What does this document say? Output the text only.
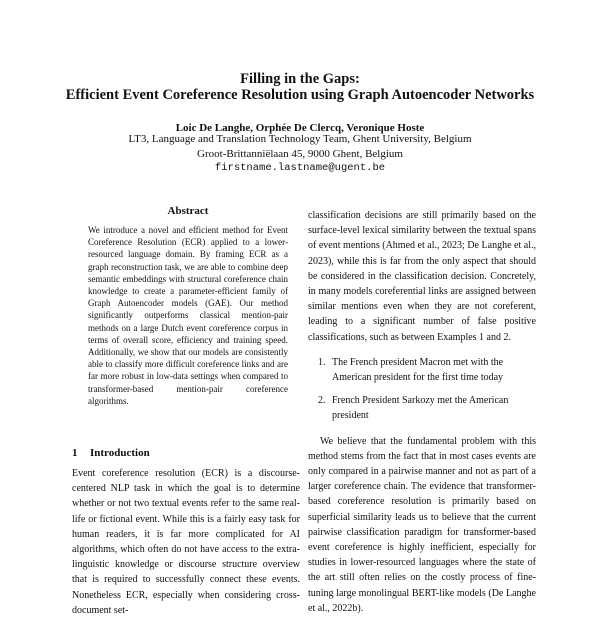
Filling in the Gaps:
Efficient Event Coreference Resolution using Graph Autoencoder Networks
Loic De Langhe, Orphée De Clercq, Veronique Hoste
LT3, Language and Translation Technology Team, Ghent University, Belgium
Groot-Brittanniëlaan 45, 9000 Ghent, Belgium
firstname.lastname@ugent.be
Abstract
We introduce a novel and efficient method for Event Coreference Resolution (ECR) applied to a lower-resourced language domain. By framing ECR as a graph reconstruction task, we are able to combine deep semantic embeddings with structural coreference chain knowledge to create a parameter-efficient family of Graph Autoencoder models (GAE). Our method significantly outperforms classical mention-pair methods on a large Dutch event coreference corpus in terms of overall score, efficiency and training speed. Additionally, we show that our models are consistently able to classify more difficult coreference links and are far more robust in low-data settings when compared to transformer-based mention-pair coreference algorithms.
1 Introduction
Event coreference resolution (ECR) is a discourse-centered NLP task in which the goal is to determine whether or not two textual events refer to the same real-life or fictional event. While this is a fairly easy task for human readers, it is far more complicated for AI algorithms, which often do not have access to the extra-linguistic knowledge or discourse structure overview that is required to successfully connect these events. Nonetheless ECR, especially when considering cross-document set-

classification decisions are still primarily based on the surface-level lexical similarity between the textual spans of event mentions (Ahmed et al., 2023; De Langhe et al., 2023), while this is far from the only aspect that should be considered in the classification decision. Concretely, in many models coreferential links are assigned between similar mentions even when they are not coreferent, leading to a significant number of false positive classifications, such as between Examples 1 and 2.

1. The French president Macron met with the American president for the first time today
2. French President Sarkozy met the American president

We believe that the fundamental problem with this method stems from the fact that in most cases events are only compared in a pairwise manner and not as part of a larger coreference chain. The evidence that transformer-based coreference resolution is primarily based on superficial similarity leads us to believe that the current pairwise classification paradigm for transformer-based event coreference is highly inefficient, especially for studies in lower-resourced languages where the state of the art still often relies on the costly process of fine-tuning large monolingual BERT-like models (De Langhe et al., 2022b).
